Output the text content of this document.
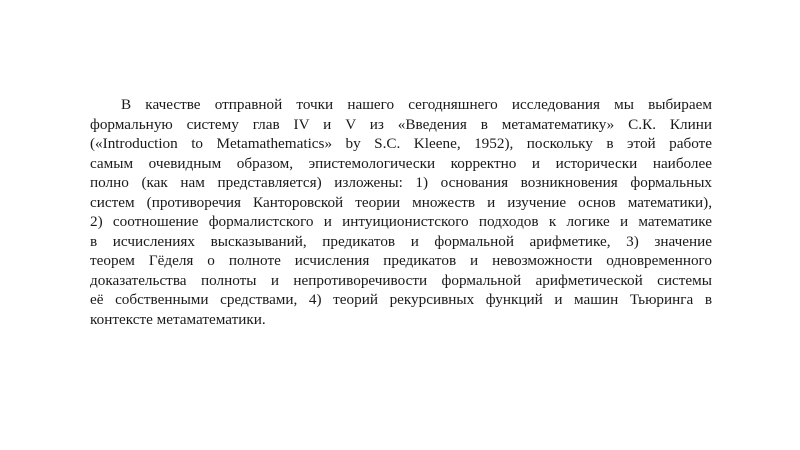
В качестве отправной точки нашего сегодняшнего исследования мы выбираем
формальную систему глав IV и V из «Введения в метаматематику» С.К. Клини
(«Introduction to Metamathematics» by S.C. Kleene, 1952), поскольку в этой работе
самым очевидным образом, эпистемологически корректно и исторически наиболее
полно (как нам представляется) изложены: 1) основания возникновения формальных
систем (противоречия Канторовской теории множеств и изучение основ математики),
2) соотношение формалистского и интуиционистского подходов к логике и математике
в исчислениях высказываний, предикатов и формальной арифметике, 3) значение
теорем Гёделя о полноте исчисления предикатов и невозможности одновременного
доказательства полноты и непротиворечивости формальной арифметической системы
её собственными средствами, 4) теорий рекурсивных функций и машин Тьюринга в
контексте метаматематики.
